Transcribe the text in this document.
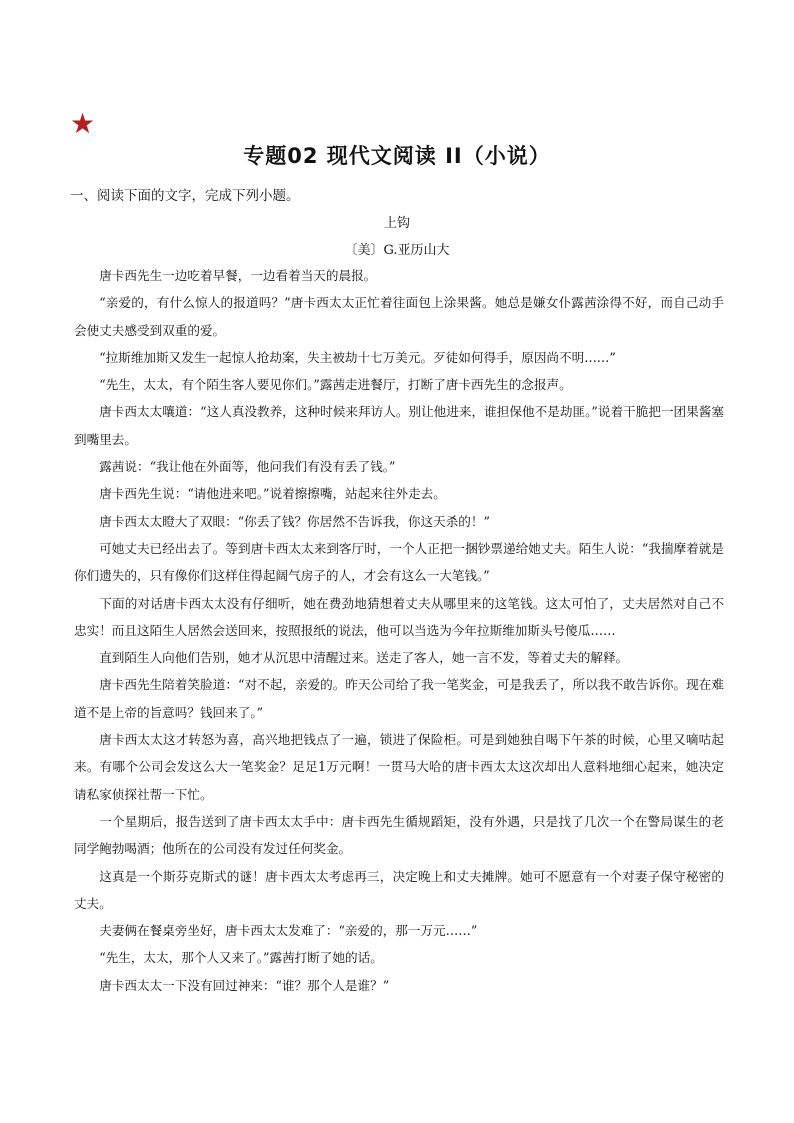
★
专题02 现代文阅读 II（小说）
一、阅读下面的文字，完成下列小题。
上钩
〔美〕G.亚历山大

唐卡西先生一边吃着早餐，一边看着当天的晨报。

“亲爱的，有什么惊人的报道吗？”唐卡西太太正忙着往面包上涂果酱。她总是嫌女仆露茜涂得不好，而自己动手会使丈夫感受到双重的爱。

“拉斯维加斯又发生一起惊人抢劫案，失主被劫十七万美元。歹徒如何得手，原因尚不明……”

“先生，太太，有个陌生客人要见你们。”露茜走进餐厅，打断了唐卡西先生的念报声。

唐卡西太太嚷道：“这人真没教养，这种时候来拜访人。别让他进来，谁担保他不是劫匪。”说着干脆把一团果酱塞到嘴里去。

露茜说：“我让他在外面等，他问我们有没有丢了钱。”

唐卡西先生说：“请他进来吧。”说着擦擦嘴，站起来往外走去。

唐卡西太太瞪大了双眼：“你丢了钱？你居然不告诉我，你这天杀的！”

可她丈夫已经出去了。等到唐卡西太太来到客厅时，一个人正把一捆钞票递给她丈夫。陌生人说：“我揣摩着就是你们遗失的，只有像你们这样住得起阔气房子的人，才会有这么一大笔钱。”

下面的对话唐卡西太太没有仔细听，她在费劲地猜想着丈夫从哪里来的这笔钱。这太可怕了，丈夫居然对自己不忠实！而且这陌生人居然会送回来，按照报纸的说法，他可以当选为今年拉斯维加斯头号傻瓜……

直到陌生人向他们告别，她才从沉思中清醒过来。送走了客人，她一言不发，等着丈夫的解释。

唐卡西先生陪着笑脸道：“对不起，亲爱的。昨天公司给了我一笔奖金，可是我丢了，所以我不敢告诉你。现在难道不是上帝的旨意吗？钱回来了。”

唐卡西太太这才转怒为喜，高兴地把钱点了一遍，锁进了保险柜。可是到她独自喝下午茶的时候，心里又嘀咕起来。有哪个公司会发这么大一笔奖金？足足1万元啊！一贯马大哈的唐卡西太太这次却出人意料地细心起来，她决定请私家侦探社帮一下忙。

一个星期后，报告送到了唐卡西太太手中：唐卡西先生循规蹈矩，没有外遇，只是找了几次一个在警局谋生的老同学鲍勃喝酒；他所在的公司没有发过任何奖金。

这真是一个斯芬克斯式的谜！唐卡西太太考虑再三，决定晚上和丈夫摊牌。她可不愿意有一个对妻子保守秘密的丈夫。

夫妻俩在餐桌旁坐好，唐卡西太太发难了：“亲爱的，那一万元……”

“先生，太太，那个人又来了。”露茜打断了她的话。

唐卡西太太一下没有回过神来：“谁？那个人是谁？”
